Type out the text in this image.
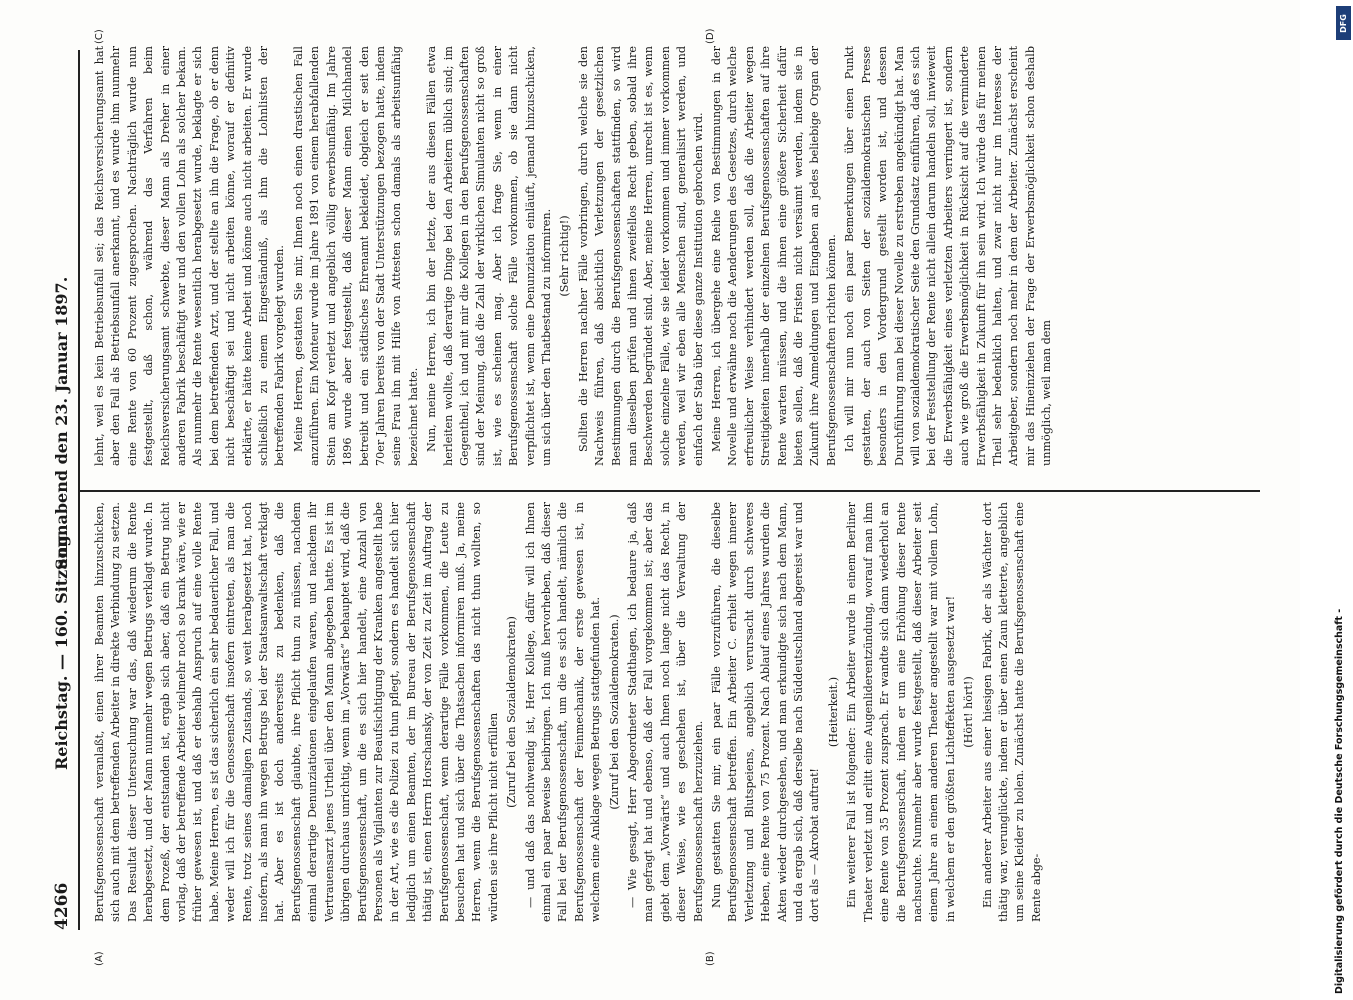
4266
Reichstag. — 160. Sitzung.
Sonnabend den 23. Januar 1897.
(A)	(B)
(C)	(D)

Berufsgenossenschaft veranlaßt, einen ihrer Beamten hinzuschicken, sich auch mit dem betreffenden Arbeiter in direkte Verbindung zu setzen. Das Resultat dieser Untersuchung war das, daß wiederum die Rente herabgesetzt, und der Mann nunmehr wegen Betrugs verklagt wurde. In dem Prozeß, der entstanden ist, ergab sich aber, daß ein Betrug nicht vorlag, daß der betreffende Arbeiter vielmehr noch so krank wäre, wie er früher gewesen ist, und daß er deshalb Anspruch auf eine volle Rente habe. Meine Herren, es ist das sicherlich ein sehr bedauerlicher Fall, und weder will ich für die Genossenschaft insofern eintreten, als man die Rente, trotz seines damaligen Zustands, so weit herabgesetzt hat, noch insofern, als man ihn wegen Betrugs bei der Staatsanwaltschaft verklagt hat. Aber es ist doch andererseits zu bedenken, daß die Berufsgenossenschaft glaubte, ihre Pflicht thun zu müssen, nachdem einmal derartige Denunziationen eingelaufen waren, und nachdem ihr Vertrauensarzt jenes Urtheil über den Mann abgegeben hatte. Es ist im übrigen durchaus unrichtig, wenn im „Vorwärts“ behauptet wird, daß die Berufsgenossenschaft, um die es sich hier handelt, eine Anzahl von Personen als Vigilanten zur Beaufsichtigung der Kranken angestellt habe in der Art, wie es die Polizei zu thun pflegt, sondern es handelt sich hier lediglich um einen Beamten, der im Bureau der Berufsgenossenschaft thätig ist, einen Herrn Horschansky, der von Zeit zu Zeit im Auftrag der Berufsgenossenschaft, wenn derartige Fälle vorkommen, die Leute zu besuchen hat und sich über die Thatsachen informiren muß. Ja, meine Herren, wenn die Berufsgenossenschaften das nicht thun wollten, so würden sie ihre Pflicht nicht erfüllen

(Zuruf bei den Sozialdemokraten) — und daß das nothwendig ist, Herr Kollege, dafür will ich Ihnen einmal ein paar Beweise beibringen. Ich muß hervorheben, daß dieser Fall bei der Berufsgenossenschaft, um die es sich handelt, nämlich die Berufsgenossenschaft der Feinmechanik, der erste gewesen ist, in welchem eine Anklage wegen Betrugs stattgefunden hat. (Zuruf bei den Sozialdemokraten.) — Wie gesagt, Herr Abgeordneter Stadthagen, ich bedaure ja, daß man gefragt hat und ebenso, daß der Fall vorgekommen ist; aber das giebt dem „Vorwärts“ und auch Ihnen noch lange nicht das Recht, in dieser Weise, wie es geschehen ist, über die Verwaltung der Berufsgenossenschaft herzuziehen. Nun gestatten Sie mir, ein paar Fälle vorzuführen, die dieselbe Berufsgenossenschaft betreffen. Ein Arbeiter C. erhielt wegen innerer Verletzung und Blutspeiens, angeblich verursacht durch schweres Heben, eine Rente von 75 Prozent. Nach Ablauf eines Jahres wurden die Akten wieder durchgesehen, und man erkundigte sich nach dem Mann, und da ergab sich, daß derselbe nach Süddeutschland abgereist war und dort als — Akrobat auftrat!

(Heiterkeit.) Ein weiterer Fall ist folgender: Ein Arbeiter wurde in einem Berliner Theater verletzt und erlitt eine Augenliderentzündung, worauf man ihm eine Rente von 35 Prozent zusprach. Er wandte sich dann wiederholt an die Berufsgenossenschaft, indem er um eine Erhöhung dieser Rente nachsuchte. Nunmehr aber wurde festgestellt, daß dieser Arbeiter seit einem Jahre an einem anderen Theater angestellt war mit vollem Lohn, in welchem er den größten Lichteffekten ausgesetzt war! (Hört! hört!) Ein anderer Arbeiter aus einer hiesigen Fabrik, der als Wächter dort thätig war, verunglückte, indem er über einen Zaun kletterte, angeblich um seine Kleider zu holen. Zunächst hatte die Berufsgenossenschaft eine Rente abge-

lehnt, weil es kein Betriebsunfall sei; das Reichsversicherungsamt hat aber den Fall als Betriebsunfall anerkannt, und es wurde ihm nunmehr eine Rente von 60 Prozent zugesprochen. Nachträglich wurde nun festgestellt, daß schon, während das Verfahren beim Reichsversicherungsamt schwebte, dieser Mann als Dreher in einer anderen Fabrik beschäftigt war und den vollen Lohn als solcher bekam. Als nunmehr die Rente wesentlich herabgesetzt wurde, beklagte er sich bei dem betreffenden Arzt, und der stellte an ihn die Frage, ob er denn nicht beschäftigt sei und nicht arbeiten könne, worauf er definitiv erklärte, er hätte keine Arbeit und könne auch nicht arbeiten. Er wurde schließlich zu einem Eingeständniß, als ihm die Lohnlisten der betreffenden Fabrik vorgelegt wurden. Meine Herren, gestatten Sie mir, Ihnen noch einen drastischen Fall anzuführen. Ein Monteur wurde im Jahre 1891 von einem herabfallenden Stein am Kopf verletzt und angeblich völlig erwerbsunfähig. Im Jahre 1896 wurde aber festgestellt, daß dieser Mann einen Milchhandel betreibt und ein städtisches Ehrenamt bekleidet, obgleich er seit den 70er Jahren bereits von der Stadt Unterstützungen bezogen hatte, indem seine Frau ihn mit Hilfe von Attesten schon damals als arbeitsunfähig bezeichnet hatte. Nun, meine Herren, ich bin der letzte, der aus diesen Fällen etwa herleiten wollte, daß derartige Dinge bei den Arbeitern üblich sind; im Gegentheil, ich und mit mir die Kollegen in den Berufsgenossenschaften sind der Meinung, daß die Zahl der wirklichen Simulanten nicht so groß ist, wie es scheinen mag. Aber ich frage Sie, wenn in einer Berufsgenossenschaft solche Fälle vorkommen, ob sie dann nicht verpflichtet ist, wenn eine Denunziation einläuft, jemand hinzuschicken, um sich über den Thatbestand zu informiren. (Sehr richtig!) Sollten die Herren nachher Fälle vorbringen, durch welche sie den Nachweis führen, daß absichtlich Verletzungen der gesetzlichen Bestimmungen durch die Berufsgenossenschaften stattfinden, so wird man dieselben prüfen und ihnen zweifellos Recht geben, sobald ihre Beschwerden begründet sind. Aber, meine Herren, unrecht ist es, wenn solche einzelne Fälle, wie sie leider vorkommen und immer vorkommen werden, weil wir eben alle Menschen sind, generalisirt werden, und einfach der Stab über diese ganze Institution gebrochen wird. Meine Herren, ich übergehe eine Reihe von Bestimmungen in der Novelle und erwähne noch die Aenderungen des Gesetzes, durch welche erfreulicher Weise verhindert werden soll, daß die Arbeiter wegen Streitigkeiten innerhalb der einzelnen Berufsgenossenschaften auf ihre Rente warten müssen, und die ihnen eine größere Sicherheit dafür bieten sollen, daß die Fristen nicht versäumt werden, indem sie in Zukunft ihre Anmeldungen und Eingaben an jedes beliebige Organ der Berufsgenossenschaften richten können. Ich will mir nun noch ein paar Bemerkungen über einen Punkt gestatten, der auch von Seiten der sozialdemokratischen Presse besonders in den Vordergrund gestellt worden ist, und dessen Durchführung man bei dieser Novelle zu erstreben angekündigt hat. Man will von sozialdemokratischer Seite den Grundsatz einführen, daß es sich bei der Feststellung der Rente nicht allein darum handeln soll, inwieweit die Erwerbsfähigkeit eines verletzten Arbeiters verringert ist, sondern auch wie groß die Erwerbsmöglichkeit in Rücksicht auf die verminderte Erwerbsfähigkeit in Zukunft für ihn sein wird. Ich würde das für meinen Theil sehr bedenklich halten, und zwar nicht nur im Interesse der Arbeitgeber, sondern noch mehr in dem der Arbeiter. Zunächst erscheint mir das Hineinziehen der Frage der Erwerbsmöglichkeit schon deshalb unmöglich, weil man dem

Digitalisierung gefördert durch die Deutsche Forschungsgemeinschaft -
DFG
